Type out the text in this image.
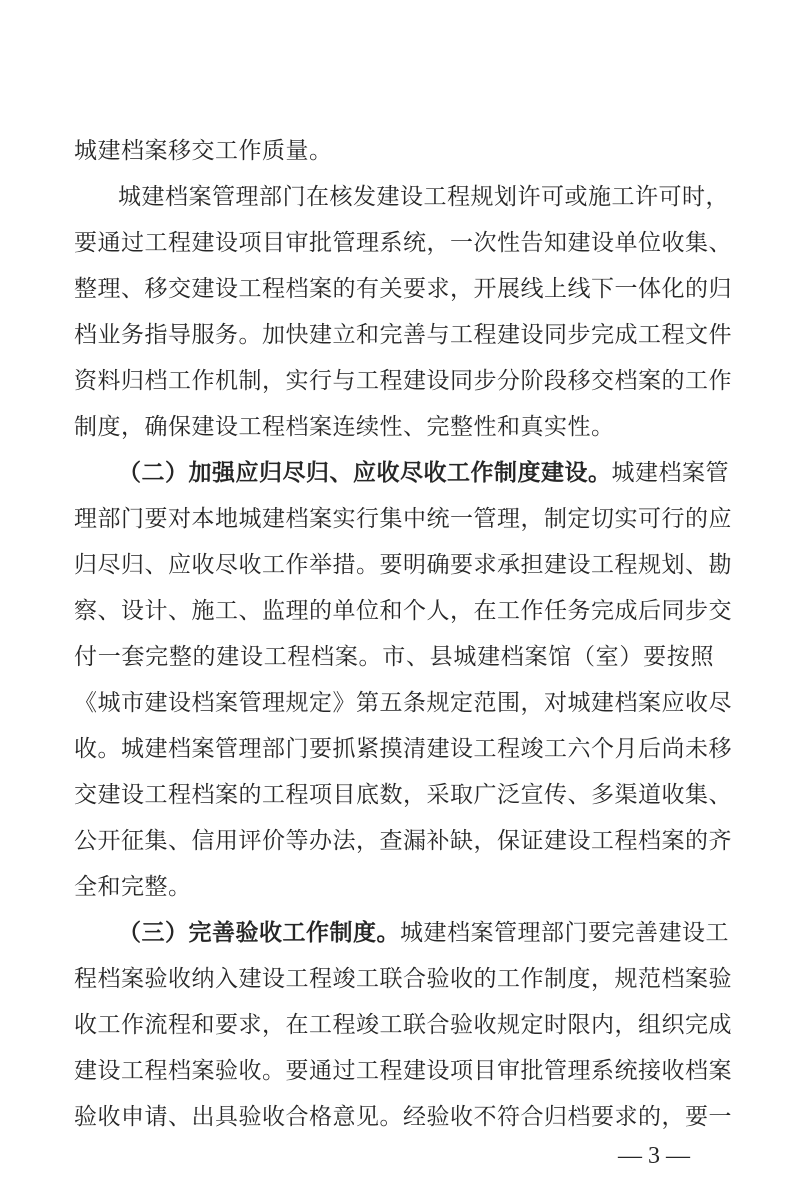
城建档案移交工作质量。
城建档案管理部门在核发建设工程规划许可或施工许可时，
要通过工程建设项目审批管理系统，一次性告知建设单位收集、
整理、移交建设工程档案的有关要求，开展线上线下一体化的归
档业务指导服务。加快建立和完善与工程建设同步完成工程文件
资料归档工作机制，实行与工程建设同步分阶段移交档案的工作
制度，确保建设工程档案连续性、完整性和真实性。
（二）加强应归尽归、应收尽收工作制度建设。城建档案管
理部门要对本地城建档案实行集中统一管理，制定切实可行的应
归尽归、应收尽收工作举措。要明确要求承担建设工程规划、勘
察、设计、施工、监理的单位和个人，在工作任务完成后同步交
付一套完整的建设工程档案。市、县城建档案馆（室）要按照
《城市建设档案管理规定》第五条规定范围，对城建档案应收尽
收。城建档案管理部门要抓紧摸清建设工程竣工六个月后尚未移
交建设工程档案的工程项目底数，采取广泛宣传、多渠道收集、
公开征集、信用评价等办法，查漏补缺，保证建设工程档案的齐
全和完整。
（三）完善验收工作制度。城建档案管理部门要完善建设工
程档案验收纳入建设工程竣工联合验收的工作制度，规范档案验
收工作流程和要求，在工程竣工联合验收规定时限内，组织完成
建设工程档案验收。要通过工程建设项目审批管理系统接收档案
验收申请、出具验收合格意见。经验收不符合归档要求的，要一
— 3 —
